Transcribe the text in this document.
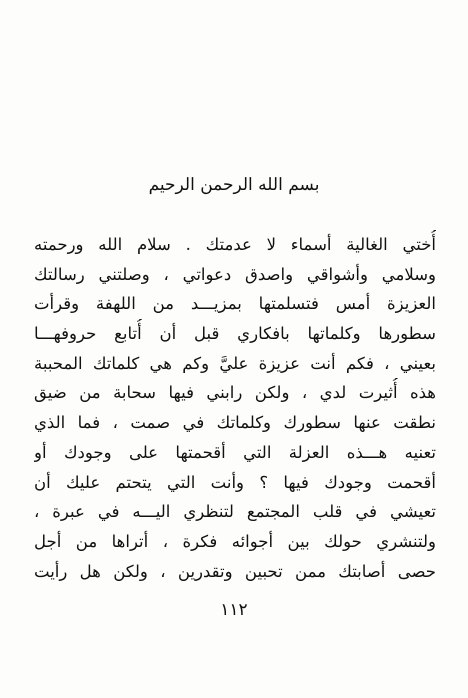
بسم الله الرحمن الرحيم
أُختي الغالية أسماء لا عدمتك . سلام الله ورحمته
وسلامي وأشواقي واصدق دعواتي ، وصلتني رسالتك
العزيزة أمس فتسلمتها بمزيـــد من اللهفة وقرأت
سطورها وكلماتها بافكاري قبل أن أُتابع حروفهـــا
بعيني ، فكم أنت عزيزة عليَّ وكم هي كلماتك المحببة
هذه أُثيرت لدي ، ولكن رابني فيها سحابة من ضيق
نطقت عنها سطورك وكلماتك في صمت ، فما الذي
تعنيه هـــذه العزلة التي أقحمتها على وجودك أو
أقحمت وجودك فيها ؟ وأنت التي يتحتم عليك أن
تعيشي في قلب المجتمع لتنظري اليـــه في عبرة ،
ولتنشري حولك بين أجوائه فكرة ، أتراها من أجل
حصى أصابتك ممن تحبين وتقدرين ، ولكن هل رأيت
١١٢
